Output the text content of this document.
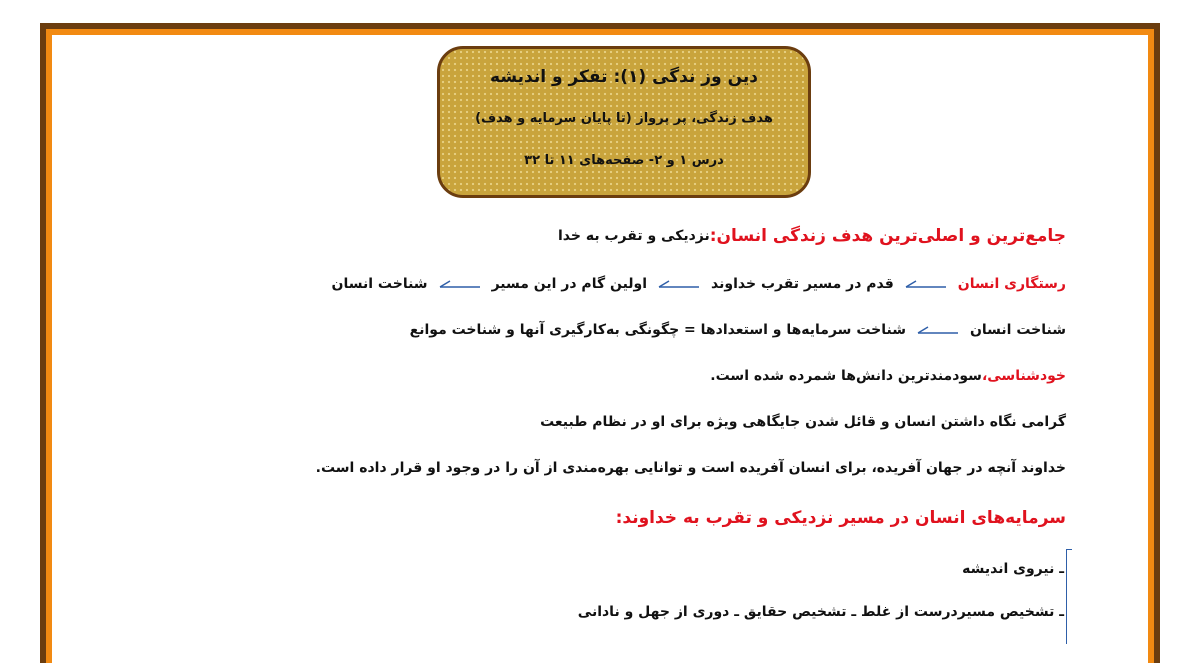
دین وز ندگی (۱): تفکر و اندیشه
هدف زندگی، پر پرواز (تا پایان سرمایه و هدف)
درس ۱ و ۲- صفحه‌های ۱۱ تا ۳۲
جامع‌ترین و اصلی‌ترین هدف زندگی انسان:
نزدیکی و تقرب به خدا
رستگاری انسان
قدم در مسیر تقرب خداوند
اولین گام در این مسیر
شناخت انسان
شناخت انسان
شناخت سرمایه‌ها و استعدادها = چگونگی به‌کارگیری آنها و شناخت موانع
خودشناسی،
سودمندترین دانش‌ها شمرده شده است.
گرامی نگاه داشتن انسان و قائل شدن جایگاهی ویژه برای او در نظام طبیعت
خداوند آنچه در جهان آفریده، برای انسان آفریده است و توانایی بهره‌مندی از آن را در وجود او قرار داده است.
سرمایه‌های انسان در مسیر نزدیکی و تقرب به خداوند:
ـ نیروی اندیشه
ـ تشخیص مسیردرست از غلط ـ تشخیص حقایق ـ دوری از جهل و نادانی
